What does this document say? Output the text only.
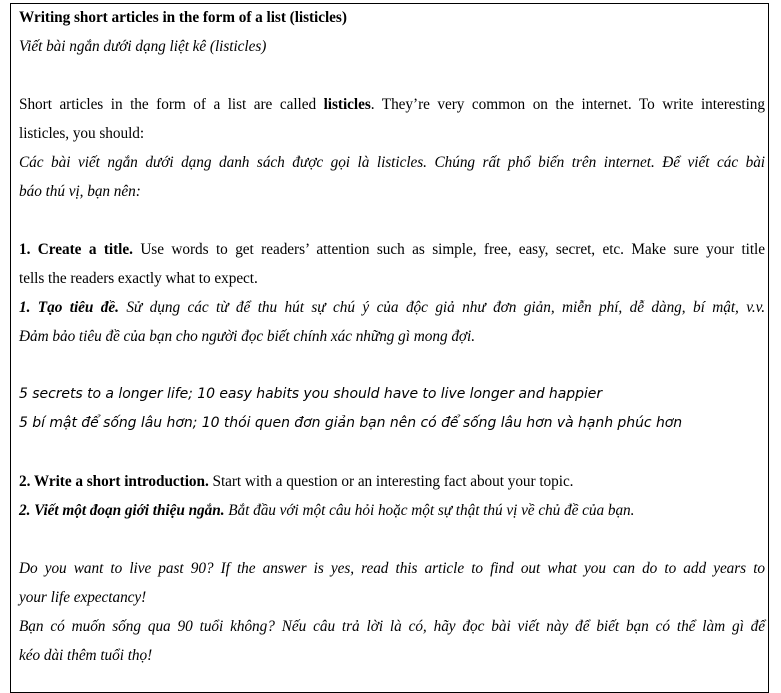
Writing short articles in the form of a list (listicles)
Viết bài ngắn dưới dạng liệt kê (listicles)
Short articles in the form of a list are called listicles. They’re very common on the internet. To write interesting
listicles, you should:
Các bài viết ngắn dưới dạng danh sách được gọi là listicles. Chúng rất phổ biến trên internet. Để viết các bài
báo thú vị, bạn nên:
1. Create a title. Use words to get readers’ attention such as simple, free, easy, secret, etc. Make sure your title
tells the readers exactly what to expect.
1. Tạo tiêu đề. Sử dụng các từ để thu hút sự chú ý của độc giả như đơn giản, miễn phí, dễ dàng, bí mật, v.v.
Đảm bảo tiêu đề của bạn cho người đọc biết chính xác những gì mong đợi.
5 secrets to a longer life; 10 easy habits you should have to live longer and happier
5 bí mật để sống lâu hơn; 10 thói quen đơn giản bạn nên có để sống lâu hơn và hạnh phúc hơn
2. Write a short introduction. Start with a question or an interesting fact about your topic.
2. Viết một đoạn giới thiệu ngắn. Bắt đầu với một câu hỏi hoặc một sự thật thú vị về chủ đề của bạn.
Do you want to live past 90? If the answer is yes, read this article to find out what you can do to add years to
your life expectancy!
Bạn có muốn sống qua 90 tuổi không? Nếu câu trả lời là có, hãy đọc bài viết này để biết bạn có thể làm gì để
kéo dài thêm tuổi thọ!
